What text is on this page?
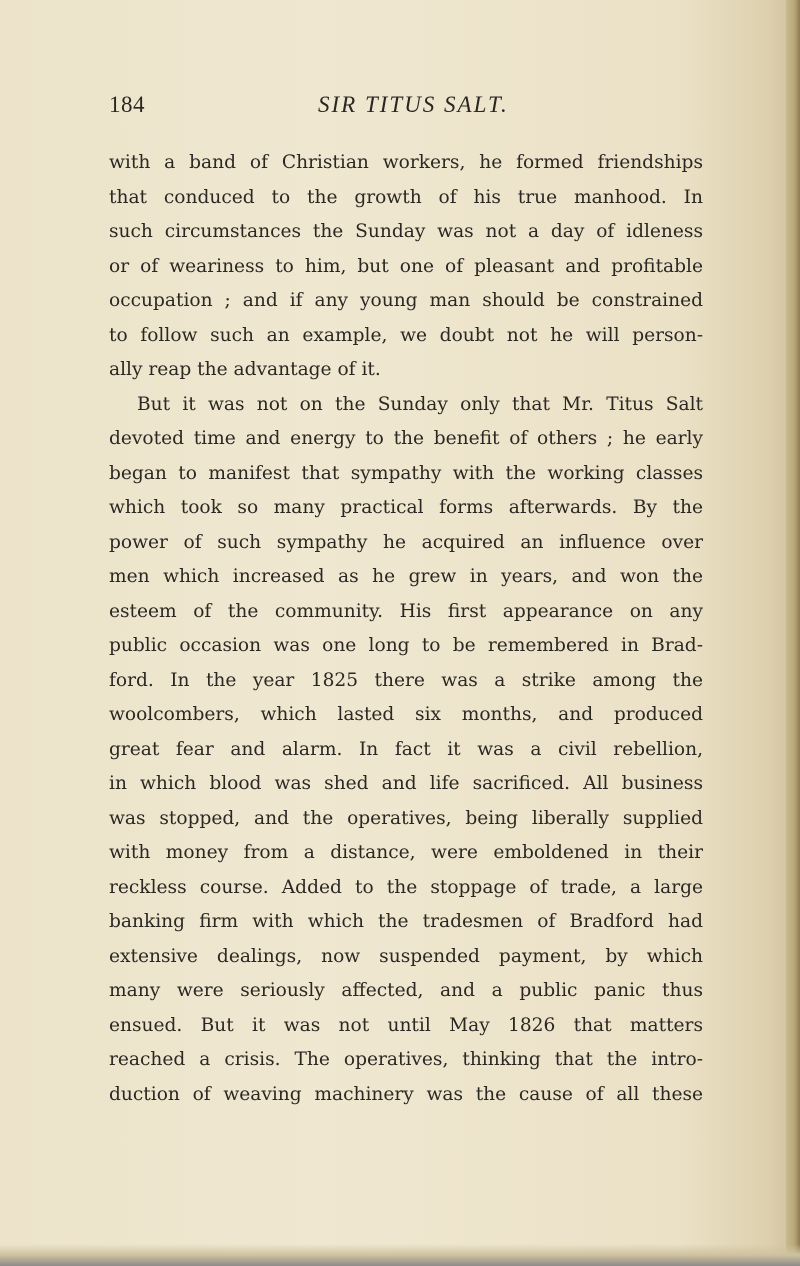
184	SIR TITUS SALT.
with a band of Christian workers, he formed friendships
that conduced to the growth of his true manhood. In
such circumstances the Sunday was not a day of idleness
or of weariness to him, but one of pleasant and profitable
occupation ; and if any young man should be constrained
to follow such an example, we doubt not he will person-
ally reap the advantage of it.
But it was not on the Sunday only that Mr. Titus Salt
devoted time and energy to the benefit of others ; he early
began to manifest that sympathy with the working classes
which took so many practical forms afterwards. By the
power of such sympathy he acquired an influence over
men which increased as he grew in years, and won the
esteem of the community. His first appearance on any
public occasion was one long to be remembered in Brad-
ford. In the year 1825 there was a strike among the
woolcombers, which lasted six months, and produced
great fear and alarm. In fact it was a civil rebellion,
in which blood was shed and life sacrificed. All business
was stopped, and the operatives, being liberally supplied
with money from a distance, were emboldened in their
reckless course. Added to the stoppage of trade, a large
banking firm with which the tradesmen of Bradford had
extensive dealings, now suspended payment, by which
many were seriously affected, and a public panic thus
ensued. But it was not until May 1826 that matters
reached a crisis. The operatives, thinking that the intro-
duction of weaving machinery was the cause of all these
